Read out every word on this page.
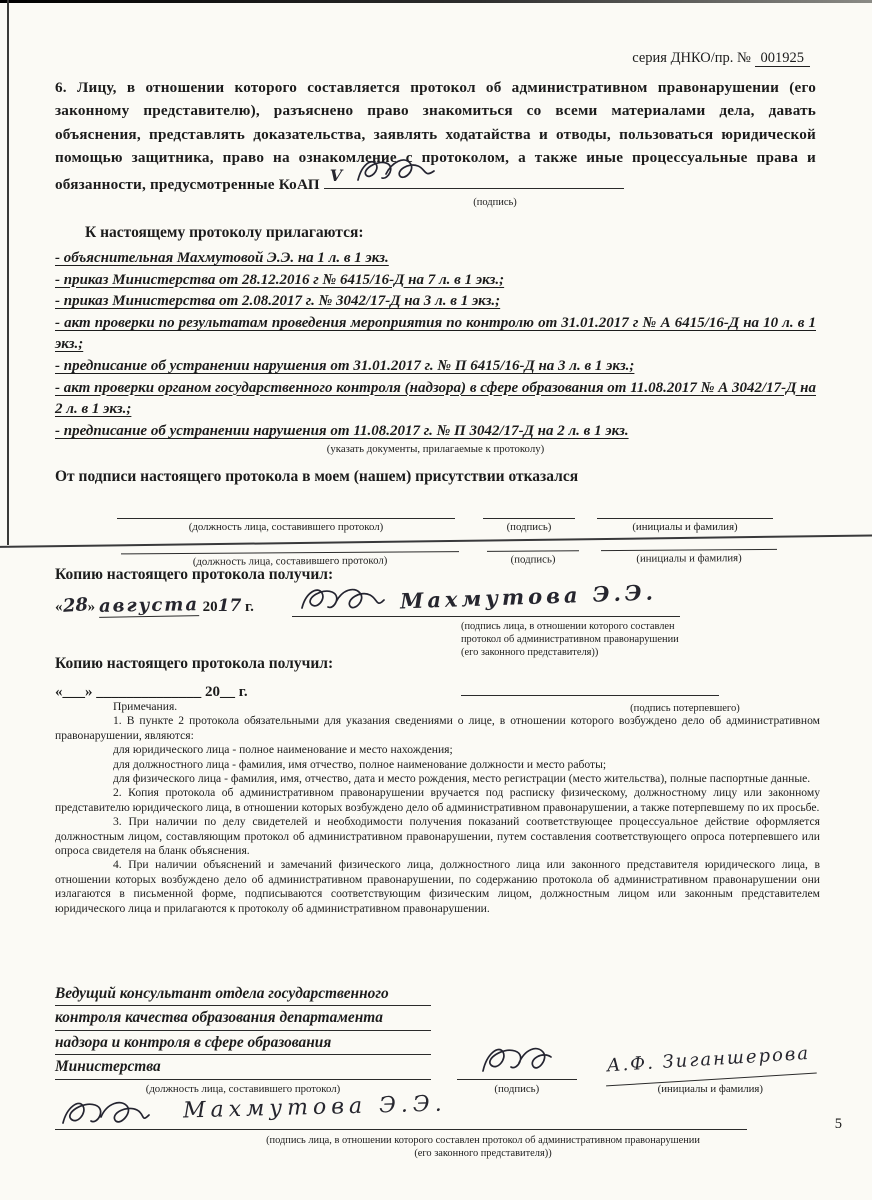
серия ДНКО/пр. № 001925

6. Лицу, в отношении которого составляется протокол об административном правонарушении (его законному представителю), разъяснено право знакомиться со всеми материалами дела, давать объяснения, представлять доказательства, заявлять ходатайства и отводы, пользоваться юридической помощью защитника, право на ознакомление с протоколом, а также иные процессуальные права и обязанности, предусмотренные КоАП V

(подпись)

К настоящему протоколу прилагаются:

- объяснительная Махмутовой Э.Э. на 1 л. в 1 экз.

- приказ Министерства от 28.12.2016 г № 6415/16-Д на 7 л. в 1 экз.;

- приказ Министерства от 2.08.2017 г. № 3042/17-Д на 3 л. в 1 экз.;

- акт проверки по результатам проведения мероприятия по контролю от 31.01.2017 г № А 6415/16-Д на 10 л. в 1 экз.;

- предписание об устранении нарушения от 31.01.2017 г. № П 6415/16-Д на 3 л. в 1 экз.;

- акт проверки органом государственного контроля (надзора) в сфере образования от 11.08.2017 № А 3042/17-Д на 2 л. в 1 экз.;

- предписание об устранении нарушения от 11.08.2017 г. № П 3042/17-Д на 2 л. в 1 экз.

(указать документы, прилагаемые к протоколу)

От подписи настоящего протокола в моем (нашем) присутствии отказался

(должность лица, составившего протокол)	(подпись)	(инициалы и фамилия)
(должность лица, составившего протокол)	(подпись)	(инициалы и фамилия)

Копию настоящего протокола получил:

«28» августа 2017 г.	Махмутова Э.Э.

(подпись лица, в отношении которого составлен

протокол об административном правонарушении

(его законного представителя))

Копию настоящего протокола получил:

«___» ______________ 20__ г.
(подпись потерпевшего)

Примечания.

1. В пункте 2 протокола обязательными для указания сведениями о лице, в отношении которого возбуждено дело об административном правонарушении, являются:

для юридического лица - полное наименование и место нахождения;

для должностного лица - фамилия, имя отчество, полное наименование должности и место работы;

для физического лица - фамилия, имя, отчество, дата и место рождения, место регистрации (место жительства), полные паспортные данные.

2. Копия протокола об административном правонарушении вручается под расписку физическому, должностному лицу или законному представителю юридического лица, в отношении которых возбуждено дело об административном правонарушении, а также потерпевшему по их просьбе.

3. При наличии по делу свидетелей и необходимости получения показаний соответствующее процессуальное действие оформляется должностным лицом, составляющим протокол об административном правонарушении, путем составления соответствующего опроса потерпевшего или опроса свидетеля на бланк объяснения.

4. При наличии объяснений и замечаний физического лица, должностного лица или законного представителя юридического лица, в отношении которых возбуждено дело об административном правонарушении, по содержанию протокола об административном правонарушении они излагаются в письменной форме, подписываются соответствующим физическим лицом, должностным лицом или законным представителем юридического лица и прилагаются к протоколу об административном правонарушении.

Ведущий консультант отдела государственного

контроля качества образования департамента

надзора и контроля в сфере образования

Министерства	А.Ф. Зиганшерова
(должность лица, составившего протокол)	(подпись)	(инициалы и фамилия)
Махмутова Э.Э.

(подпись лица, в отношении которого составлен протокол об административном правонарушении

(его законного представителя))

5
